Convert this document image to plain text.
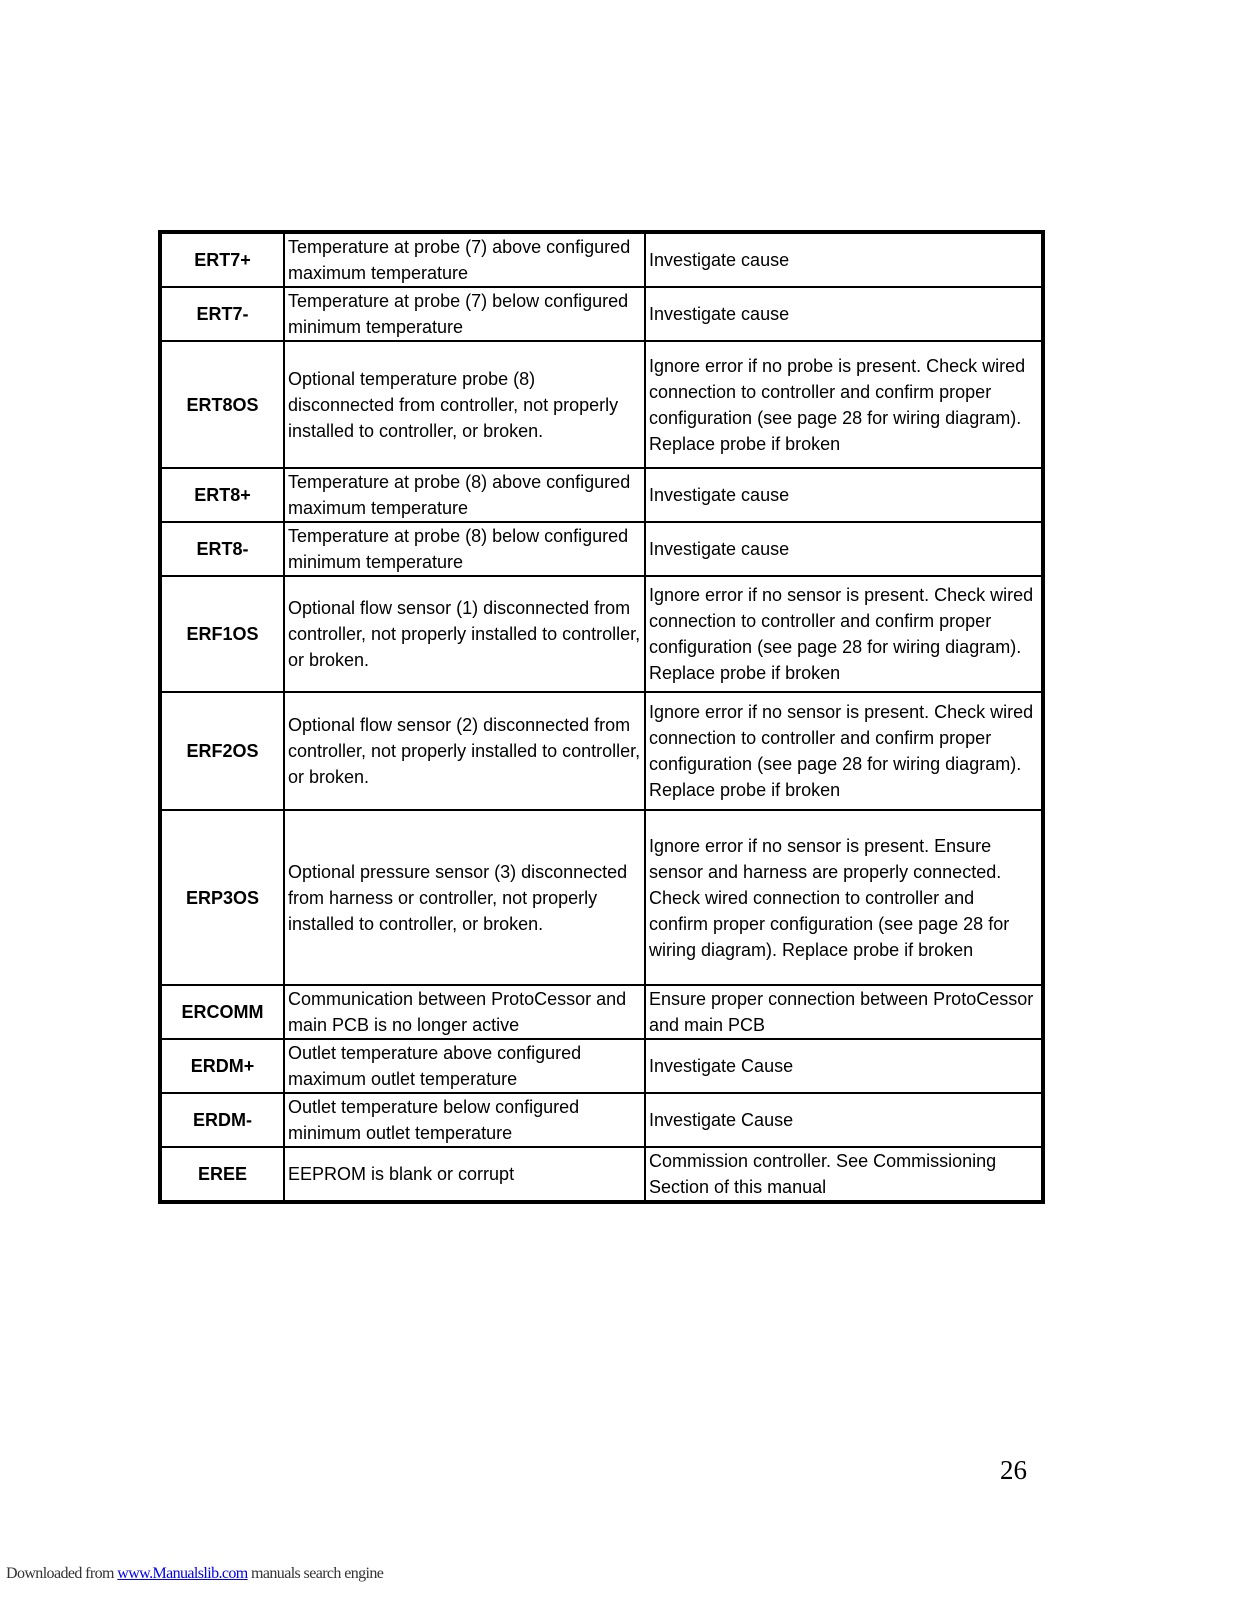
ERT7+	Temperature at probe (7) above configured maximum temperature	Investigate cause
ERT7-	Temperature at probe (7) below configured minimum temperature	Investigate cause
ERT8OS	Optional temperature probe (8) disconnected from controller, not properly installed to controller, or broken.	Ignore error if no probe is present. Check wired connection to controller and confirm proper configuration (see page 28 for wiring diagram). Replace probe if broken
ERT8+	Temperature at probe (8) above configured maximum temperature	Investigate cause
ERT8-	Temperature at probe (8) below configured minimum temperature	Investigate cause
ERF1OS	Optional flow sensor (1) disconnected from controller, not properly installed to controller, or broken.	Ignore error if no sensor is present. Check wired connection to controller and confirm proper configuration (see page 28 for wiring diagram). Replace probe if broken
ERF2OS	Optional flow sensor (2) disconnected from controller, not properly installed to controller, or broken.	Ignore error if no sensor is present. Check wired connection to controller and confirm proper configuration (see page 28 for wiring diagram). Replace probe if broken
ERP3OS	Optional pressure sensor (3) disconnected from harness or controller, not properly installed to controller, or broken.	Ignore error if no sensor is present. Ensure sensor and harness are properly connected. Check wired connection to controller and confirm proper configuration (see page 28 for wiring diagram). Replace probe if broken
ERCOMM	Communication between ProtoCessor and main PCB is no longer active	Ensure proper connection between ProtoCessor and main PCB
ERDM+	Outlet temperature above configured maximum outlet temperature	Investigate Cause
ERDM-	Outlet temperature below configured minimum outlet temperature	Investigate Cause
EREE	EEPROM is blank or corrupt	Commission controller. See Commissioning Section of this manual
26
Downloaded from www.Manualslib.com manuals search engine
